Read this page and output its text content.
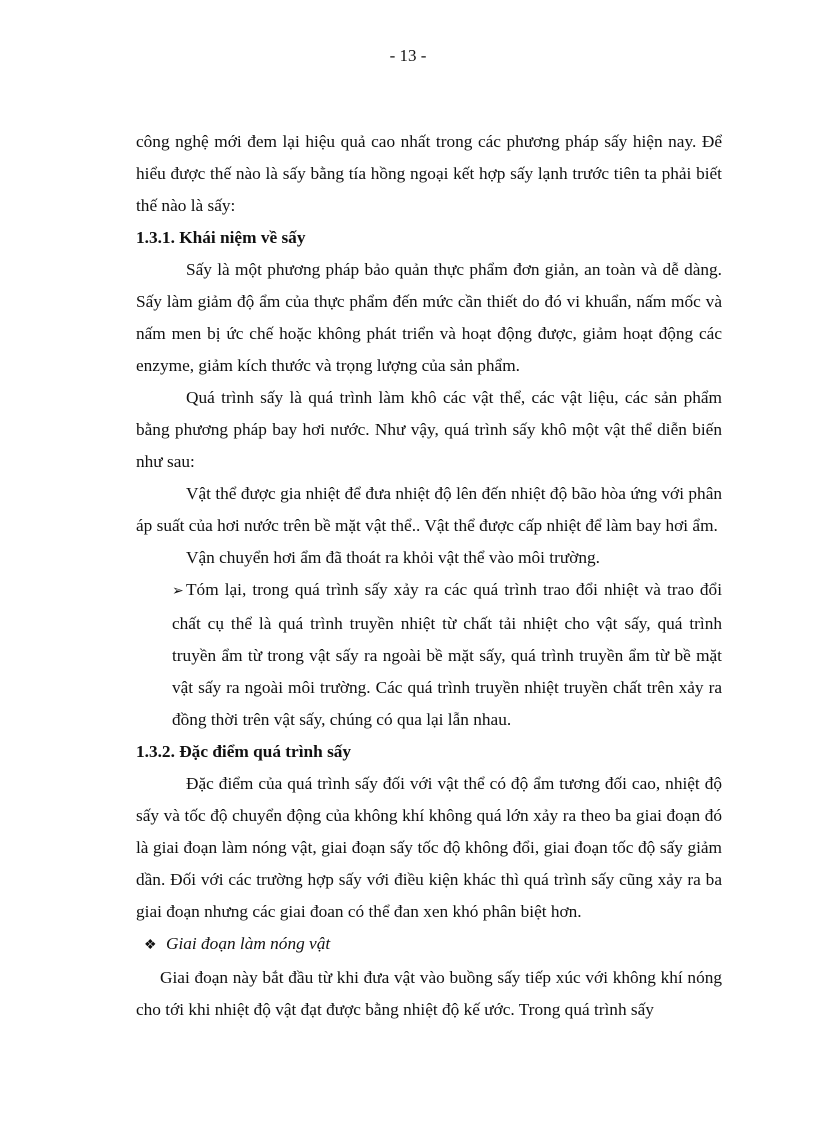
- 13 -

công nghệ mới đem lại hiệu quả cao nhất trong các phương pháp sấy hiện nay. Để hiểu được thế nào là sấy bằng tía hồng ngoại kết hợp sấy lạnh trước tiên ta phải biết thế nào là sấy:

1.3.1. Khái niệm về sấy

Sấy là một phương pháp bảo quản thực phẩm đơn giản, an toàn và dễ dàng. Sấy làm giảm độ ẩm của thực phẩm đến mức cần thiết do đó vi khuẩn, nấm mốc và nấm men bị ức chế hoặc không phát triển và hoạt động được, giảm hoạt động các enzyme, giảm kích thước và trọng lượng của sản phẩm.

Quá trình sấy là quá trình làm khô các vật thể, các vật liệu, các sản phẩm bằng phương pháp bay hơi nước. Như vậy, quá trình sấy khô một vật thể diễn biến như sau:

Vật thể được gia nhiệt để đưa nhiệt độ lên đến nhiệt độ bão hòa ứng với phân áp suất của hơi nước trên bề mặt vật thể.. Vật thể được cấp nhiệt để làm bay hơi ẩm.

Vận chuyển hơi ẩm đã thoát ra khỏi vật thể vào môi trường.

➢ Tóm lại, trong quá trình sấy xảy ra các quá trình trao đổi nhiệt và trao đổi chất cụ thể là quá trình truyền nhiệt từ chất tải nhiệt cho vật sấy, quá trình truyền ẩm từ trong vật sấy ra ngoài bề mặt sấy, quá trình truyền ẩm từ bề mặt vật sấy ra ngoài môi trường. Các quá trình truyền nhiệt truyền chất trên xảy ra đồng thời trên vật sấy, chúng có qua lại lẫn nhau.

1.3.2. Đặc điểm quá trình sấy

Đặc điểm của quá trình sấy đối với vật thể có độ ẩm tương đối cao, nhiệt độ sấy và tốc độ chuyển động của không khí không quá lớn xảy ra theo ba giai đoạn đó là giai đoạn làm nóng vật, giai đoạn sấy tốc độ không đổi, giai đoạn tốc độ sấy giảm dần. Đối với các trường hợp sấy với điều kiện khác thì quá trình sấy cũng xảy ra ba giai đoạn nhưng các giai đoan có thể đan xen khó phân biệt hơn.

❖ Giai đoạn làm nóng vật

Giai đoạn này bắt đầu từ khi đưa vật vào buồng sấy tiếp xúc với không khí nóng cho tới khi nhiệt độ vật đạt được bằng nhiệt độ kế ước. Trong quá trình sấy
